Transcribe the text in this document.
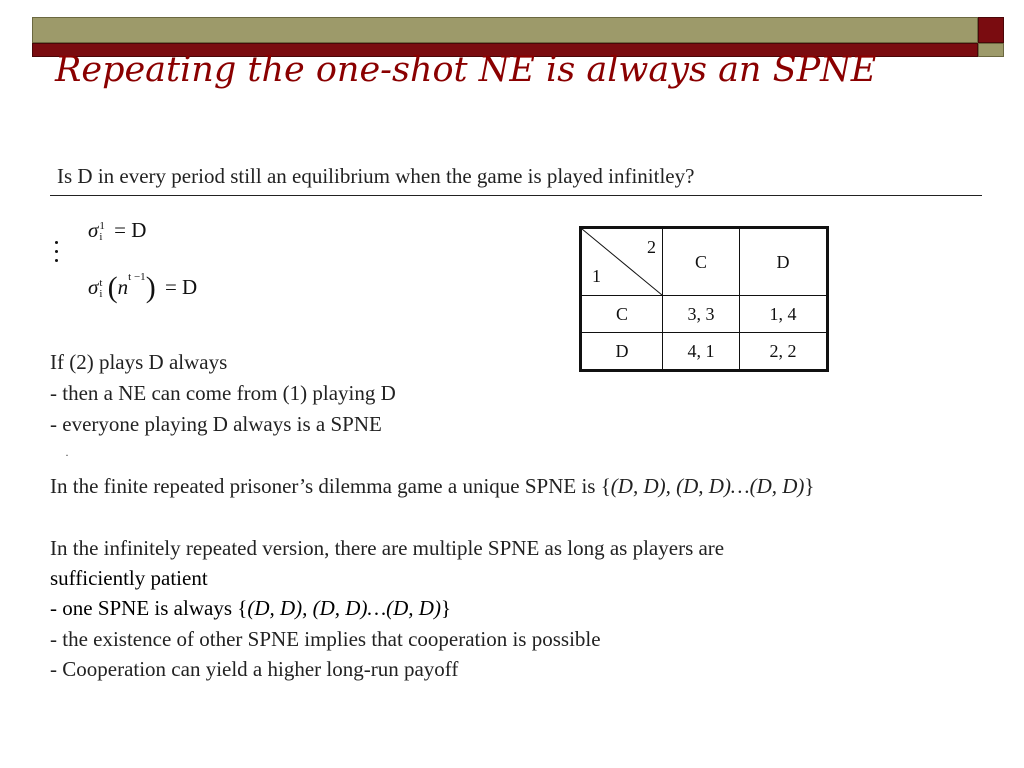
Repeating the one-shot NE is always an SPNE
Is D in every period still an equilibrium when the game is played infinitley?
σ 1
i = D
σ t
i $(n^{t -1}) = D$
2
1	C	D
C	3, 3	1, 4
D	4, 1	2, 2
If (2) plays D always
- then a NE can come from (1) playing D
- everyone playing D always is a SPNE
·
In the finite repeated prisoner’s dilemma game a unique SPNE is {(D, D), (D, D)…(D, D)}
In the infinitely repeated version, there are multiple SPNE as long as players are
sufficiently patient
- one SPNE is always {(D, D), (D, D)…(D, D)}
- the existence of other SPNE implies that cooperation is possible
- Cooperation can yield a higher long-run payoff
